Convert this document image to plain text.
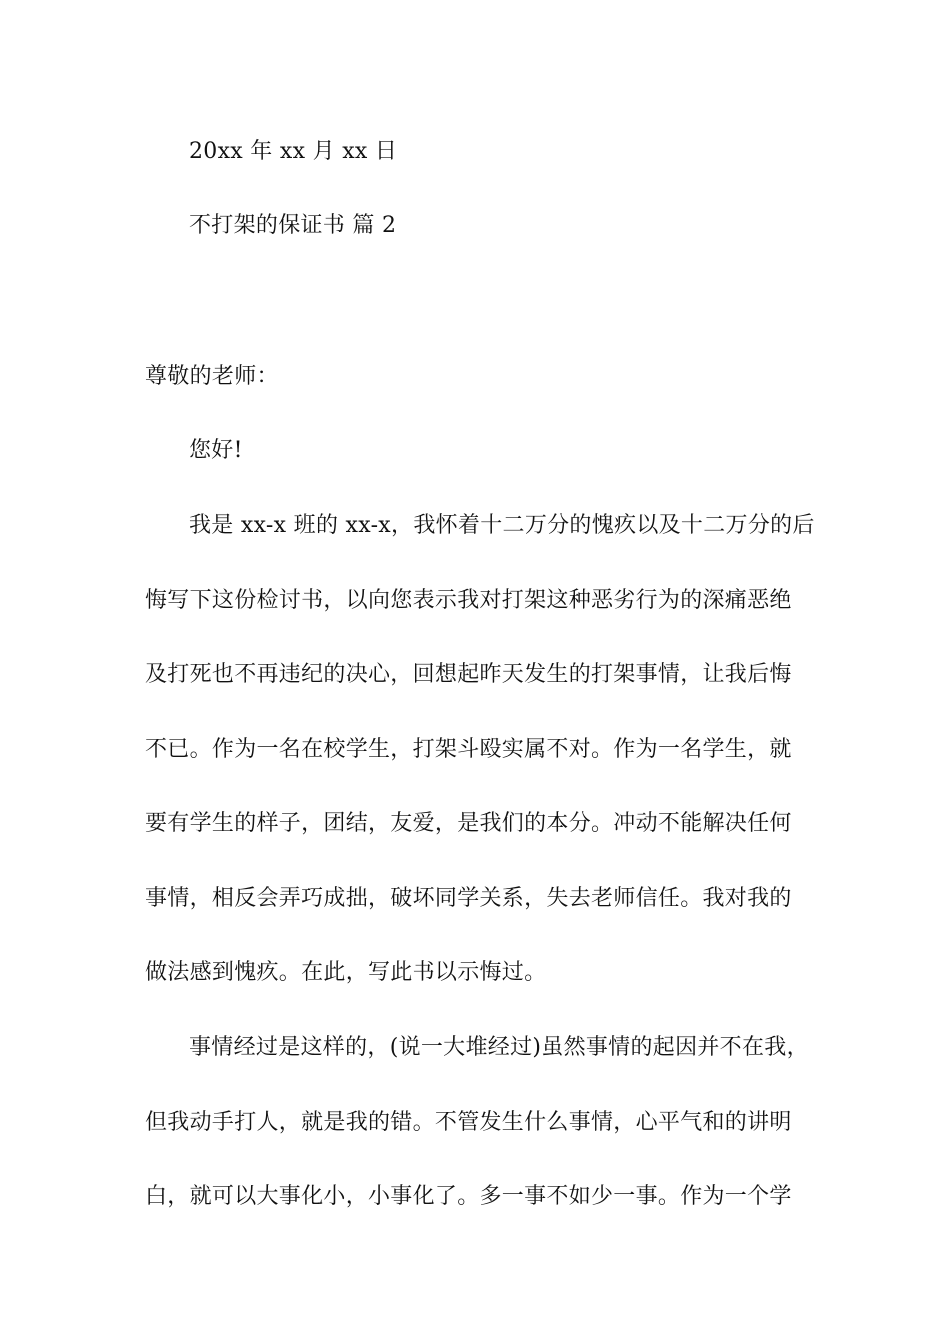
20xx 年 xx 月 xx 日
不打架的保证书 篇 2
尊敬的老师：
您好!
我是 xx-x 班的 xx-x，我怀着十二万分的愧疚以及十二万分的后
悔写下这份检讨书，以向您表示我对打架这种恶劣行为的深痛恶绝
及打死也不再违纪的决心，回想起昨天发生的打架事情，让我后悔
不已。作为一名在校学生，打架斗殴实属不对。作为一名学生，就
要有学生的样子，团结，友爱，是我们的本分。冲动不能解决任何
事情，相反会弄巧成拙，破坏同学关系，失去老师信任。我对我的
做法感到愧疚。在此，写此书以示悔过。
事情经过是这样的，(说一大堆经过)虽然事情的起因并不在我，
但我动手打人，就是我的错。不管发生什么事情，心平气和的讲明
白，就可以大事化小，小事化了。多一事不如少一事。作为一个学
